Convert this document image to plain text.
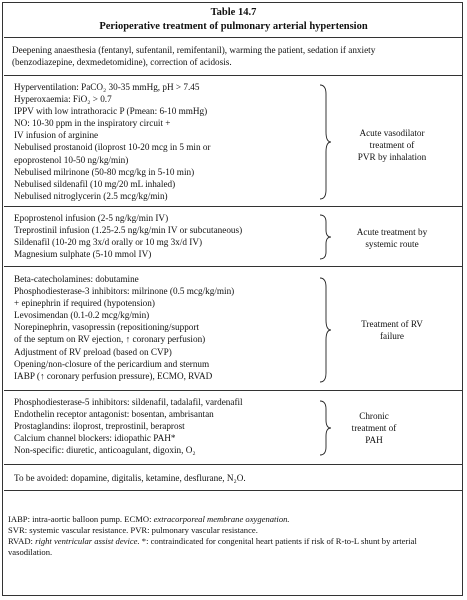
Table 14.7
Perioperative treatment of pulmonary arterial hypertension
Deepening anaesthesia (fentanyl, sufentanil, remifentanil), warming the patient, sedation if anxiety
(benzodiazepine, dexmedetomidine), correction of acidosis.
Hyperventilation: PaCO₂ 30-35 mmHg, pH > 7.45
Hyperoxaemia: FiO₂ > 0.7
IPPV with low intrathoracic P (Pmean: 6-10 mmHg)
NO: 10-30 ppm in the inspiratory circuit +
IV infusion of arginine
Nebulised prostanoid (iloprost 10-20 mcg in 5 min or
epoprostenol 10-50 ng/kg/min)
Nebulised milrinone (50-80 mcg/kg in 5-10 min)
Nebulised sildenafil (10 mg/20 mL inhaled)
Nebulised nitroglycerin (2.5 mcg/kg/min)
Acute vasodilator
treatment of
PVR by inhalation
Epoprostenol infusion (2-5 ng/kg/min IV)
Treprostinil infusion (1.25-2.5 ng/kg/min IV or subcutaneous)
Sildenafil (10-20 mg 3x/d orally or 10 mg 3x/d IV)
Magnesium sulphate (5-10 mmol IV)
Acute treatment by
systemic route
Beta-catecholamines: dobutamine
Phosphodiesterase-3 inhibitors: milrinone (0.5 mcg/kg/min)
+ epinephrin if required (hypotension)
Levosimendan (0.1-0.2 mcg/kg/min)
Norepinephrin, vasopressin (repositioning/support
of the septum on RV ejection, ↑ coronary perfusion)
Adjustment of RV preload (based on CVP)
Opening/non-closure of the pericardium and sternum
IABP (↑ coronary perfusion pressure), ECMO, RVAD
Treatment of RV
failure
Phosphodiesterase-5 inhibitors: sildenafil, tadalafil, vardenafil
Endothelin receptor antagonist: bosentan, ambrisantan
Prostaglandins: iloprost, treprostinil, beraprost
Calcium channel blockers: idiopathic PAH*
Non-specific: diuretic, anticoagulant, digoxin, O₂
Chronic
treatment of
PAH
To be avoided: dopamine, digitalis, ketamine, desflurane, N₂O.
IABP: intra-aortic balloon pump. ECMO: extracorporeal membrane oxygenation.
SVR: systemic vascular resistance. PVR: pulmonary vascular resistance.
RVAD: right ventricular assist device. *: contraindicated for congenital heart patients if risk of R-to-L shunt by arterial
vasodilation.
